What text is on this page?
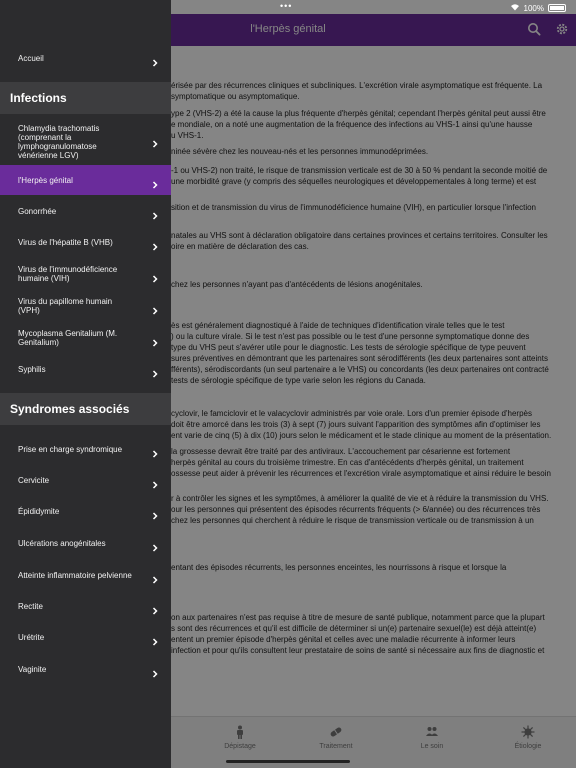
l'Herpès génital

érisée par des récurrences cliniques et subcliniques. L'excrétion virale asymptomatique est fréquente. La
symptomatique ou asymptomatique.

ype 2 (VHS-2) a été la cause la plus fréquente d'herpès génital; cependant l'herpès génital peut aussi être
e mondiale, on a noté une augmentation de la fréquence des infections au VHS-1 ainsi qu'une hausse
u VHS-1.

ninée sévère chez les nouveau-nés et les personnes immunodéprimées.

-1 ou VHS-2) non traité, le risque de transmission verticale est de 30 à 50 % pendant la seconde moitié de
une morbidité grave (y compris des séquelles neurologiques et développementales à long terme) et est

sition et de transmission du virus de l'immunodéficience humaine (VIH), en particulier lorsque l'infection

natales au VHS sont à déclaration obligatoire dans certaines provinces et certains territoires. Consulter les
oire en matière de déclaration des cas.

chez les personnes n'ayant pas d'antécédents de lésions anogénitales.

ès est généralement diagnostiqué à l'aide de techniques d'identification virale telles que le test
) ou la culture virale. Si le test n'est pas possible ou le test d'une personne symptomatique donne des
type du VHS peut s'avérer utile pour le diagnostic. Les tests de sérologie spécifique de type peuvent
sures préventives en démontrant que les partenaires sont sérodifférents (les deux partenaires sont atteints
fférents), sérodiscordants (un seul partenaire a le VHS) ou concordants (les deux partenaires ont contracté
tests de sérologie spécifique de type varie selon les régions du Canada.

cyclovir, le famciclovir et le valacyclovir administrés par voie orale. Lors d'un premier épisode d'herpès
doit être amorcé dans les trois (3) à sept (7) jours suivant l'apparition des symptômes afin d'optimiser les
ent varie de cinq (5) à dix (10) jours selon le médicament et le stade clinique au moment de la présentation.

la grossesse devrait être traité par des antiviraux. L'accouchement par césarienne est fortement
herpès génital au cours du troisième trimestre. En cas d'antécédents d'herpès génital, un traitement
ossesse peut aider à prévenir les récurrences et l'excrétion virale asymptomatique et ainsi réduire le besoin

r à contrôler les signes et les symptômes, à améliorer la qualité de vie et à réduire la transmission du VHS.
our les personnes qui présentent des épisodes récurrents fréquents (> 6/année) ou des récurrences très
chez les personnes qui cherchent à réduire le risque de transmission verticale ou de transmission à un

entant des épisodes récurrents, les personnes enceintes, les nourrissons à risque et lorsque la

on aux partenaires n'est pas requise à titre de mesure de santé publique, notamment parce que la plupart
s sont des récurrences et qu'il est difficile de déterminer si un(e) partenaire sexuel(le) est déjà atteint(e)
entent un premier épisode d'herpès génital et celles avec une maladie récurrente à informer leurs
infection et pour qu'ils consultent leur prestataire de soins de santé si nécessaire aux fins de diagnostic et

Dépistage	Traitement	Le soin	Étiologie
•••	100%
Accueil
Infections
Chlamydia trachomatis
(comprenant la
lymphogranulomatose
vénérienne LGV)
l'Herpès génital
Gonorrhée
Virus de l'hépatite B (VHB)
Virus de l'immunodéficience
humaine (VIH)
Virus du papillome humain
(VPH)
Mycoplasma Genitalium (M.
Genitalium)
Syphilis
Syndromes associés
Prise en charge syndromique
Cervicite
Épididymite
Ulcérations anogénitales
Atteinte inflammatoire pelvienne
Rectite
Urétrite
Vaginite
